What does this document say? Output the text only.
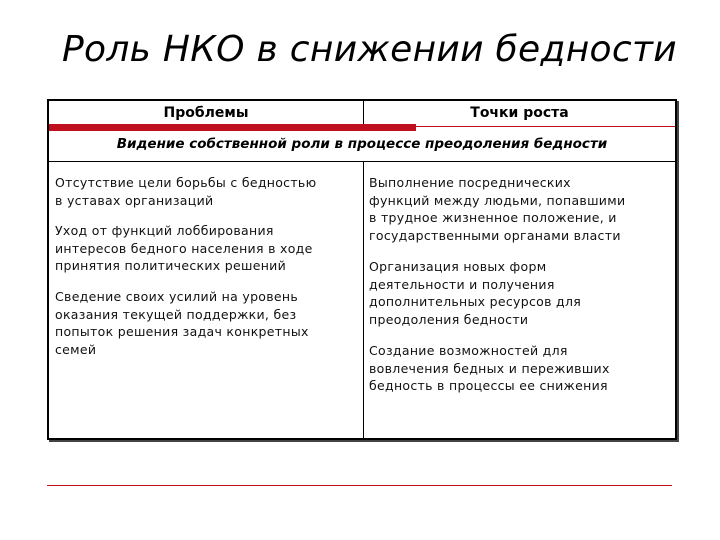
Роль НКО в снижении бедности
Проблемы	Точки роста
Видение собственной роли в процессе преодоления бедности
Отсутствие цели борьбы с бедностью
в уставах организаций
Уход от функций лоббирования
интересов бедного населения в ходе
принятия политических решений
Сведение своих усилий на уровень
оказания текущей поддержки, без
попыток решения задач конкретных
семей
Выполнение посреднических
функций между людьми, попавшими
в трудное жизненное положение, и
государственными органами власти
Организация новых форм
деятельности и получения
дополнительных ресурсов для
преодоления бедности
Создание возможностей для
вовлечения бедных и переживших
бедность в процессы ее снижения
